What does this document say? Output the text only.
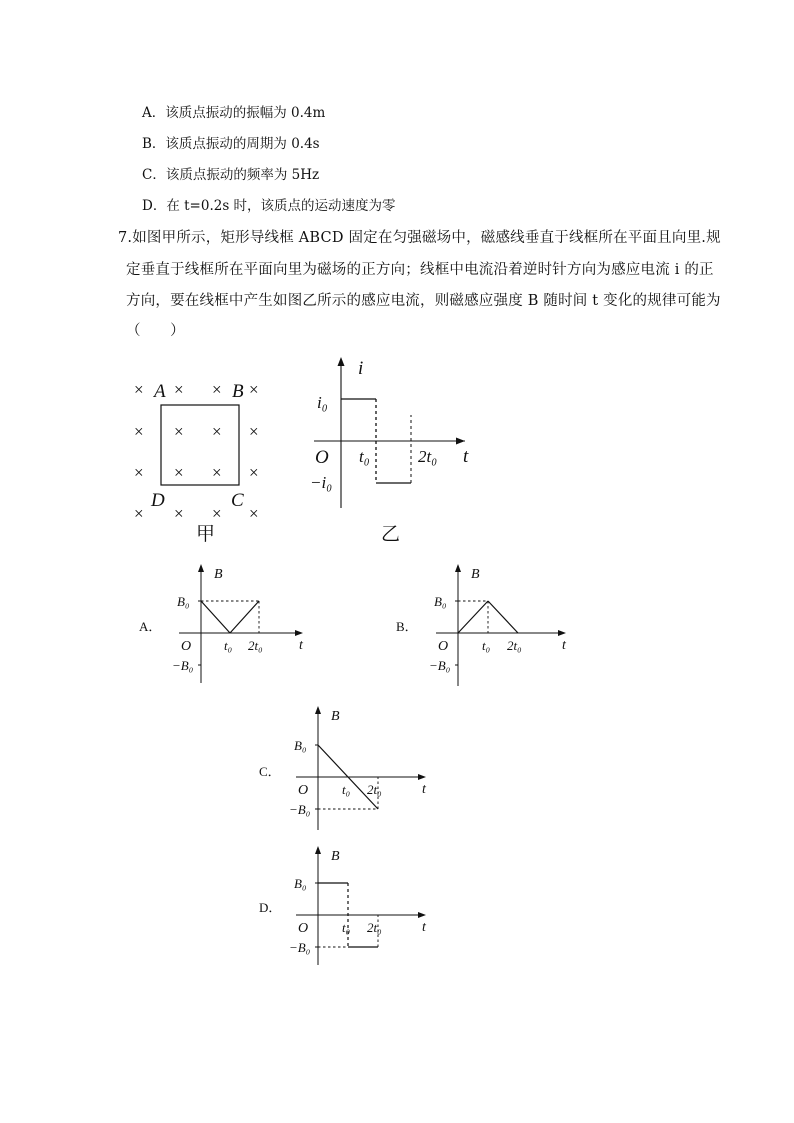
A．该质点振动的振幅为 0.4m
B．该质点振动的周期为 0.4s
C．该质点振动的频率为 5Hz
D．在 t=0.2s 时，该质点的运动速度为零
7.如图甲所示，矩形导线框 ABCD 固定在匀强磁场中，磁感线垂直于线框所在平面且向里.规
定垂直于线框所在平面向里为磁场的正方向；线框中电流沿着逆时针方向为感应电流 i 的正
方向，要在线框中产生如图乙所示的感应电流，则磁感应强度 B 随时间 t 变化的规律可能为
（　　）
× × × ×
× × × ×
× × × ×
× × × ×
A	B
D	C
甲
i
t
O
i₀
−i₀
t₀	2t₀
乙
A．
B
t
O
B₀
−B₀
t₀ 2t₀
B．
B
t
O
B₀
−B₀
t₀ 2t₀
C．
B
t
O
B₀
−B₀
t₀ 2t₀
D．
B
t
O
B₀
−B₀
t₀ 2t₀
